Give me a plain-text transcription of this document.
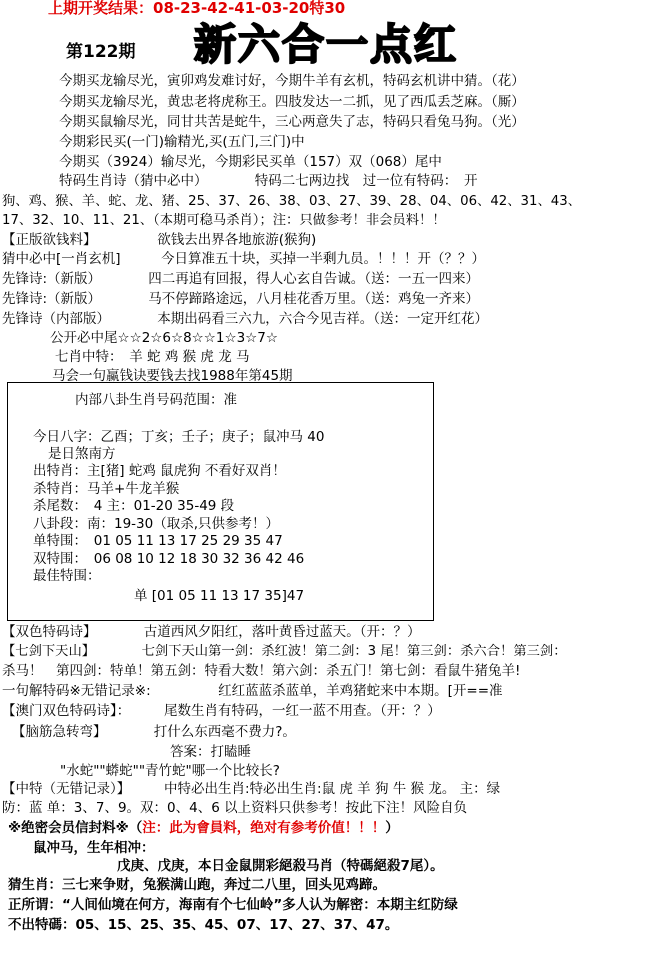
上期开奖结果：08-23-42-41-03-20特30
新六合一点红
第122期
今期买龙输尽光，寅卯鸡发难讨好，今期牛羊有玄机，特码玄机讲中猜。（花）
今期买龙输尽光，黄忠老将虎称王。四肢发达一二抓，见了西瓜丢芝麻。（厮）
今期买鼠输尽光，同甘共苦是蛇牛，三心两意失了志，特码只看兔马狗。（光）
今期彩民买(一门)输精光,买(五门,三门)中
今期买（3924）输尽光，今期彩民买单（157）双（068）尾中
特码生肖诗（猜中必中）　　　　特码二七两边找　过一位有特码：　开
狗、鸡、猴、羊、蛇、龙、猪、25、37、26、38、03、27、39、28、04、06、42、31、43、
17、32、10、11、21、（本期可稳马杀肖）；注：只做参考！非会员料！！
【正版欲钱料】　　　　　欲钱去出界各地旅游(猴狗)
猜中必中[一肖玄机]　　　今日算准五十块，买掉一半剩九员。！！！开（？？）
先锋诗:（新版）　　　　四二再追有回报，得人心玄自告诚。（送：一五一四来）
先锋诗:（新版）　　　　马不停蹄路途远，八月桂花香万里。（送：鸡兔一齐来）
先锋诗（内部版）　　　　本期出码看三六九，六合今见吉祥。（送：一定开红花）
公开必中尾☆☆2☆6☆8☆☆1☆3☆7☆
七肖中特：　羊 蛇 鸡 猴 虎 龙 马
马会一句赢钱诀要钱去找1988年第45期
内部八卦生肖号码范围：准
今日八字：乙酉；丁亥；壬子；庚子；鼠冲马 40
是日煞南方
出特肖：主[猪] 蛇鸡 鼠虎狗 不看好双肖！
杀特肖：马羊+牛龙羊猴
杀尾数：　4 主：01-20 35-49 段
八卦段：南：19-30（取杀,只供参考！）
单特围：　01 05 11 13 17 25 29 35 47
双特围：　06 08 10 12 18 30 32 36 42 46
最佳特围：
单 [01 05 11 13 17 35]47
【双色特码诗】　　　　古道西风夕阳红，落叶黄昏过蓝天。（开：？）
【七剑下天山】　　　　七剑下天山第一剑：杀红波！第二剑：3 尾！第三剑：杀六合！第三剑：
杀马！　第四剑：特单！第五剑：特看大数！第六剑：杀五门！第七剑：看鼠牛猪兔羊!
一句解特码※无错记录※:　　　　　红红蓝蓝杀蓝单，羊鸡猪蛇来中本期。[开==准
【澳门双色特码诗】：　　　尾数生肖有特码，一红一蓝不用查。（开：？）
【脑筋急转弯】　　　　打什么东西毫不费力?。
答案：打瞌睡
"水蛇""蟒蛇""青竹蛇"哪一个比较长?
【中特（无错记录）】　　　中特必出生肖:特必出生肖:鼠 虎 羊 狗 牛 猴 龙。 主：绿
防：蓝 单：3、7、9。双：0、4、6 以上资料只供参考！按此下注！风险自负
※绝密会员信封料※（注：此为會員料，绝对有参考价值！！！）
鼠冲马，生年相冲：
戊庚、戊庚，本日金鼠開彩絕殺马肖（特碼絕殺7尾）。
猜生肖：三七来争财，兔猴满山跑，奔过二八里，回头见鸡蹄。
正所谓：“人间仙境在何方，海南有个七仙岭”多人认为解密：本期主红防绿
不出特碼：05、15、25、35、45、07、17、27、37、47。
